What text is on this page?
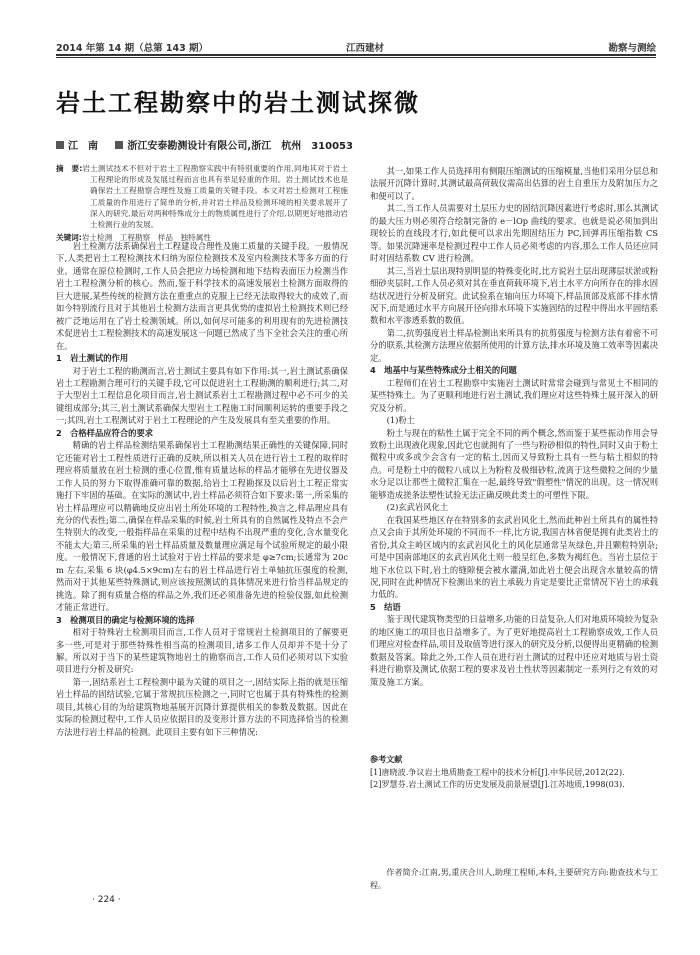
2014 年第 14 期（总第 143 期）	江西建材	勘察与测绘
岩土工程勘察中的岩土测试探微
江　南	浙江安泰勘测设计有限公司,浙江　杭州　310053
摘　要:岩土测试技术不但对于岩土工程勘察实践中有特别重要的作用,同地其对于岩土工程理论的形成及发展过程而言也具有举足轻重的作用。岩土测试技术也是确保岩土工程勘察合理性及施工质量的关键手段。本文对岩土检测对工程施工质量的作用进行了简单的分析,并对岩土样品及检测环境的相关要求展开了深入的研究,最后对两种特殊成分土的物质属性进行了介绍,以期更好地推动岩土检测行业的发展。
关键词:岩土检测　工程勘察　样品　独特属性

岩土检测方法系确保岩土工程建设合理性及施工质量的关键手段。一般情况下,人类把岩土工程检测技术归纳为原位检测技术及室内检测技术等多方面的行业。通常在原位检测时,工作人员会把应力场检测和地下结构表面压力检测当作岩土工程检测分析的核心。然而,鉴于科学技术的高速发展岩土检测方面取得的巨大进展,某些传统的检测方法在重重点的克服上已经无法取得较大的成效了,而如今特别流行且对于其他岩土检测方法而言更具优势的虚拟岩土检测技术则已经被广泛地运用在了岩土检测领域。所以,如何尽可能多的利用现有的先进检测技术促进岩土工程检测技术的高速发展这一问题已然成了当下全社会关注的重心所在。

1　岩土测试的作用

对于岩土工程的勘测而言,岩土测试主要具有如下作用:其一,岩土测试系确保岩土工程勘测合理可行的关键手段,它可以促进岩土工程勘测的顺利进行;其二,对于大型岩土工程信息化项目而言,岩土测试系岩土工程勘测过程中必不可少的关键组成部分;其三,岩土测试系确保大型岩土工程施工时间顺利运转的重要手段之一;其四,岩土工程测试对于岩土工程理论的产生及发展具有至关重要的作用。

2　合格样品应符合的要求

精确的岩土样品检测结果系确保岩土工程勘测结果正确性的关键保障,同时它还能对岩土工程性质进行正确的反映,所以相关人员在进行岩土工程的取样时理应将质量放在岩土检测的重心位置,惟有质量达标的样品才能够在先进仪器及工作人员的努力下取得准确可靠的数据,给岩土工程勘探及以后岩土工程正常实施打下牢固的基础。在实际的测试中,岩土样品必须符合如下要求:第一,所采集的岩土样品理应可以精确地反应出岩土所处环境的工程特性,换言之,样品理应具有充分的代表性;第二,确保在样品采集的时候,岩土所具有的自然属性及特点不会产生特别大的改变,一般指样品在采集的过程中结构不出现严重的变化,含水量变化不能太大;第三,所采集的岩土样品质量及数量理应满足每个试验所规定的最小限度。一般情况下,普通的岩土试验对于岩土样品的要求是 φ≥7cm;长通常为 20cm 左右,采集 6 块(φ4.5×9cm)左右的岩土样品进行岩土单轴抗压强度的检测,然而对于其他某些特殊测试,则应该按照测试的具体情况来进行恰当样品规定的挑选。除了拥有质量合格的样品之外,我们还必须准备先进的检验仪器,如此检测才能正常进行。

3　检测项目的确定与检测环境的选择

相对于特殊岩土检测项目而言,工作人员对于常规岩土检测项目的了解要更多一些,可是对于那些特殊性相当高的检测项目,诸多工作人员却并不是十分了解。所以对于当下的某些建筑物地岩土的勘察而言,工作人员们必须对以下实验项目进行分析及研究:

第一,固结系岩土工程检测中最为关键的项目之一,固结实际上指的就是压缩岩土样品的固结试验,它属于常规抗压检测之一,同时它也属于具有特殊性的检测项目,其核心目的为给建筑物地基展开沉降计算提供相关的参数及数据。因此在实际的检测过程中,工作人员应依据目的及变形计算方法的不同选择恰当的检测方法进行岩土样品的检测。此项目主要有如下三种情况:

其一,如果工作人员选择用有侧限压缩测试的压缩模量,当他们采用分层总和法展开沉降计算时,其测试最高荷载仪需高出估算的岩土自重压力及附加压力之和便可以了。

其二,当工作人员需要对土层压力史的固结沉降因素进行考虑时,那么其测试的最大压力则必须符合绘制完备的 e－lOp 曲线的要求。也就是说必须加到出现较长的直线段才行,如此便可以求出先期固结压力 PC,回弹再压缩指数 CS 等。如果沉降速率是检测过程中工作人员必须考虑的内容,那么工作人员还应同时对固结系数 CV 进行检测。

其三,当岩土层出现特别明显的特殊变化时,比方说岩土层出现薄层状淤或粉细砂夹层时,工作人员必须对其在垂直荷载环境下,岩土水平方向所存在的排水固结状况进行分析及研究。此试验系在轴向压力环境下,样品顶部及底部不排水情况下,而是通过水平方向展开径向排水环境下实施固结的过程中得出水平固结系数和水平渗透系数的数值。

第二,抗剪强度岩土样品检测出来所具有的抗剪强度与检测方法有着密不可分的联系,其检测方法理应依据所使用的计算方法,排水环境及施工效率等因素决定。

4　地基中与某些特殊成分土相关的问题

工程师们在岩土工程勘察中实施岩土测试时常常会碰到与常见土不相同的某些特殊土。为了更顺利地进行岩土测试,我们理应对这些特殊土展开深入的研究及分析。

(1)粉土

粉土与现在的粘性土属于完全不同的两个概念,然而鉴于某些振动作用会导致粉土出现液化现象,因此它也就拥有了一些与粉砂相似的特性,同时又由于粉土微粒中或多或少会含有一定的粘土,因而又导致粉土具有一些与粘土相似的特点。可是粉土中的微粒八成以上为粉粒及极细砂粒,流离于这些微粒之间的少量水分足以让那些土微粒汇集在一起,最终导致"假塑性"情况的出现。这一情况则能够造成搓条法塑性试验无法正确反映此类土的可塑性下限。

(2)玄武岩风化土

在我国某些地区存在特别多的玄武岩风化土,然而此种岩土所具有的属性特点又会由于其所处环境的不同而不一样,比方说,我国吉林省便是拥有此类岩土的省份,其众主岭区域内的玄武岩风化土的风化层通常呈灰绿色,并且颗粒特别杂;可是中国南部地区的玄武岩风化土则一般呈红色,多数为褐红色。当岩土层位于地下水位以下时,岩土的缝隙便会被水灌满,如此岩土便会出现含水量较高的情况,同时在此种情况下检测出来的岩土承载力肯定是要比正常情况下岩土的承载力低的。

5　结语

鉴于现代建筑物类型的日益增多,功能的日益复杂,人们对地质环境较为复杂的地区施工的项目也日益增多了。为了更好地提高岩土工程勘察成效,工作人员们理应对检查样品,项目及取值等进行深入的研究及分析,以便得出更精确的检测数据及答案。除此之外,工作人员在进行岩土测试的过程中还应对地质与岩土资料进行勘察及测试,依据工程的要求及岩土性状等因素制定一系列行之有效的对策及施工方案。

参考文献
[1]唐晓波.争议岩土地质勘查工程中的技术分析[J].中华民居,2012(22).
[2]罗慧芬.岩土测试工作的历史发展及前景展望[J].江苏地质,1998(03).
作者简介:江南,男,重庆合川人,助理工程师,本科,主要研究方向:勘查技术与工程。
· 224 ·
